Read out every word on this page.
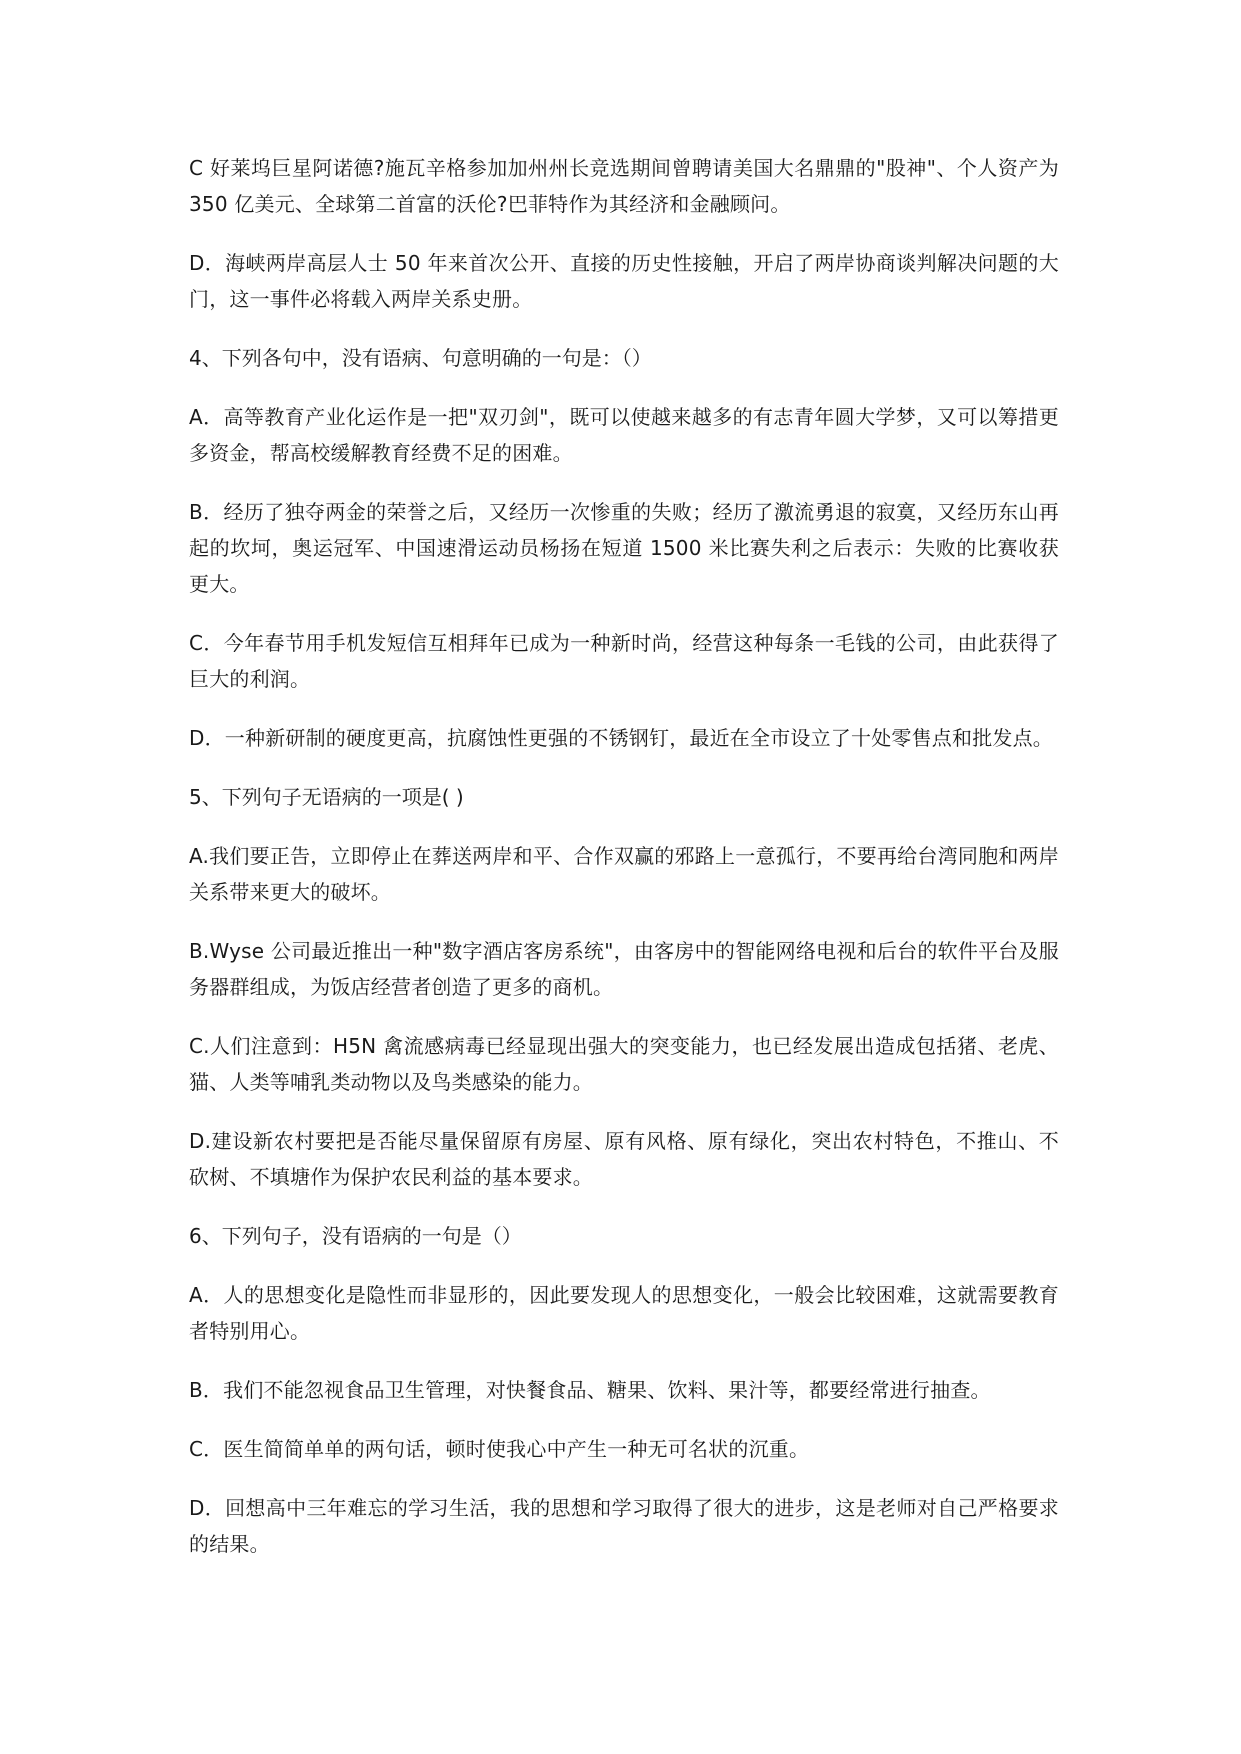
C 好莱坞巨星阿诺德?施瓦辛格参加加州州长竞选期间曾聘请美国大名鼎鼎的"股神"、个人资产为 350 亿美元、全球第二首富的沃伦?巴菲特作为其经济和金融顾问。

D．海峡两岸高层人士 50 年来首次公开、直接的历史性接触，开启了两岸协商谈判解决问题的大门，这一事件必将载入两岸关系史册。

4、下列各句中，没有语病、句意明确的一句是：（）

A．高等教育产业化运作是一把"双刃剑"，既可以使越来越多的有志青年圆大学梦，又可以筹措更多资金，帮高校缓解教育经费不足的困难。

B．经历了独夺两金的荣誉之后，又经历一次惨重的失败；经历了激流勇退的寂寞，又经历东山再起的坎坷，奥运冠军、中国速滑运动员杨扬在短道 1500 米比赛失利之后表示：失败的比赛收获更大。

C．今年春节用手机发短信互相拜年已成为一种新时尚，经营这种每条一毛钱的公司，由此获得了巨大的利润。

D．一种新研制的硬度更高，抗腐蚀性更强的不锈钢钉，最近在全市设立了十处零售点和批发点。

5、下列句子无语病的一项是( )

A.我们要正告，立即停止在葬送两岸和平、合作双赢的邪路上一意孤行，不要再给台湾同胞和两岸关系带来更大的破坏。

B.Wyse 公司最近推出一种"数字酒店客房系统"，由客房中的智能网络电视和后台的软件平台及服务器群组成，为饭店经营者创造了更多的商机。

C.人们注意到：H5N 禽流感病毒已经显现出强大的突变能力，也已经发展出造成包括猪、老虎、猫、人类等哺乳类动物以及鸟类感染的能力。

D.建设新农村要把是否能尽量保留原有房屋、原有风格、原有绿化，突出农村特色，不推山、不砍树、不填塘作为保护农民利益的基本要求。

6、下列句子，没有语病的一句是（）

A．人的思想变化是隐性而非显形的，因此要发现人的思想变化，一般会比较困难，这就需要教育者特别用心。

B．我们不能忽视食品卫生管理，对快餐食品、糖果、饮料、果汁等，都要经常进行抽查。

C．医生简简单单的两句话，顿时使我心中产生一种无可名状的沉重。

D．回想高中三年难忘的学习生活，我的思想和学习取得了很大的进步，这是老师对自己严格要求的结果。
